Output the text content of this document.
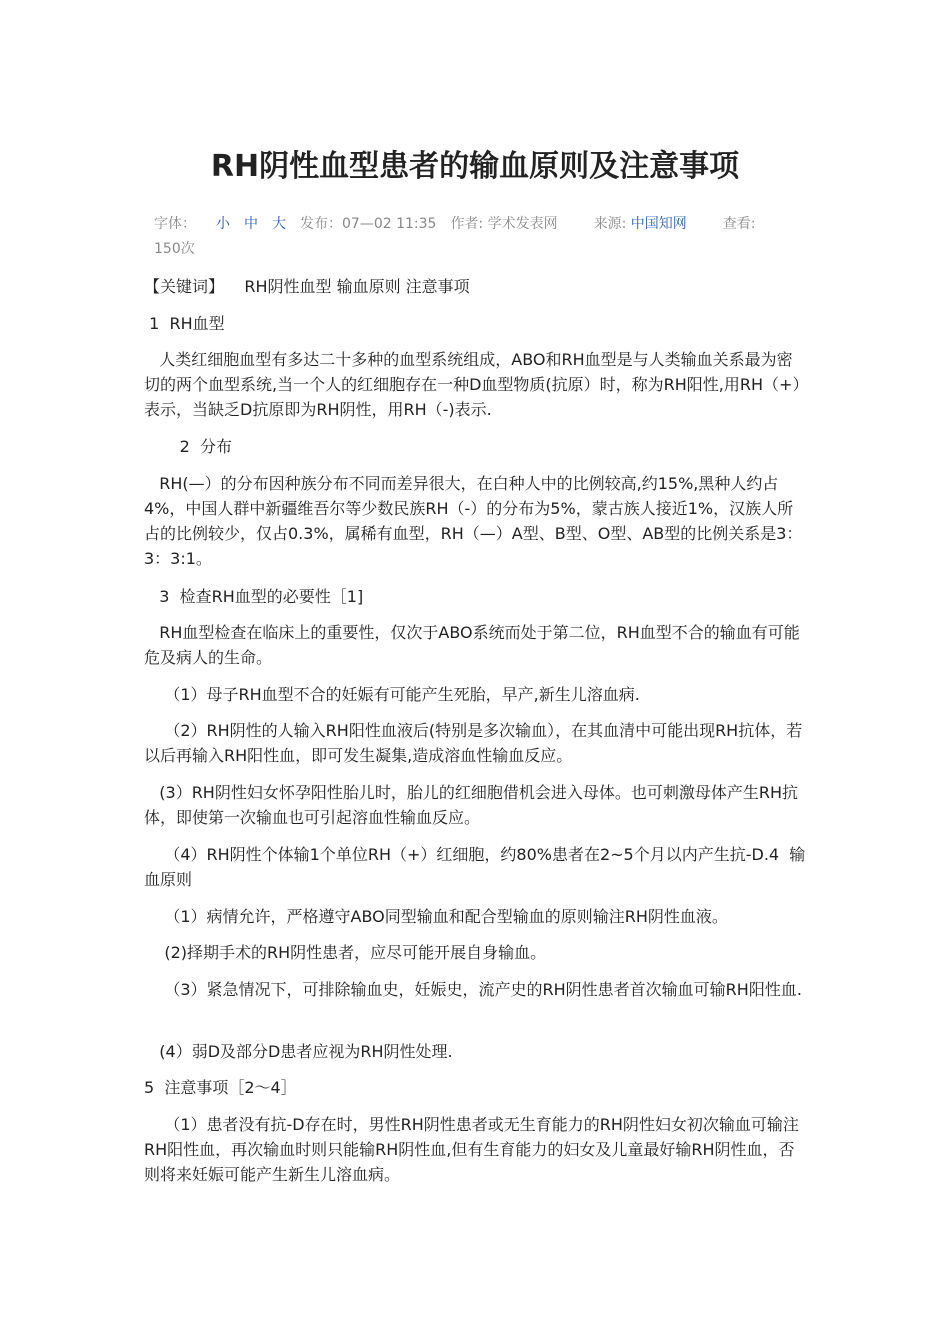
RH阴性血型患者的输血原则及注意事项
字体： 小 中 大 发布：07—02 11:35 作者: 学术发表网	来源: 中国知网	查看:
150次

【关键词】    RH阴性血型 输血原则 注意事项

1  RH血型

人类红细胞血型有多达二十多种的血型系统组成，ABO和RH血型是与人类输血关系最为密切的两个血型系统,当一个人的红细胞存在一种D血型物质(抗原）时，称为RH阳性,用RH（+）表示，当缺乏D抗原即为RH阴性，用RH（-)表示.

2  分布

RH(—）的分布因种族分布不同而差异很大，在白种人中的比例较高,约15%,黑种人约占4%，中国人群中新疆维吾尔等少数民族RH（-）的分布为5%，蒙古族人接近1%，汉族人所占的比例较少，仅占0.3%，属稀有血型，RH（—）A型、B型、O型、AB型的比例关系是3：3：3:1。

3  检查RH血型的必要性［1]

RH血型检查在临床上的重要性，仅次于ABO系统而处于第二位，RH血型不合的输血有可能危及病人的生命。

（1）母子RH血型不合的妊娠有可能产生死胎，早产,新生儿溶血病.

（2）RH阴性的人输入RH阳性血液后(特别是多次输血），在其血清中可能出现RH抗体，若以后再输入RH阳性血，即可发生凝集,造成溶血性输血反应。

(3）RH阴性妇女怀孕阳性胎儿时，胎儿的红细胞借机会进入母体。也可刺激母体产生RH抗体，即使第一次输血也可引起溶血性输血反应。

（4）RH阴性个体输1个单位RH（+）红细胞，约80%患者在2~5个月以内产生抗-D.4  输血原则

（1）病情允许，严格遵守ABO同型输血和配合型输血的原则输注RH阴性血液。

(2)择期手术的RH阴性患者，应尽可能开展自身输血。

（3）紧急情况下，可排除输血史，妊娠史，流产史的RH阴性患者首次输血可输RH阳性血.

(4）弱D及部分D患者应视为RH阴性处理.

5  注意事项［2～4］

（1）患者没有抗-D存在时，男性RH阴性患者或无生育能力的RH阴性妇女初次输血可输注RH阳性血，再次输血时则只能输RH阴性血,但有生育能力的妇女及儿童最好输RH阴性血，否则将来妊娠可能产生新生儿溶血病。
